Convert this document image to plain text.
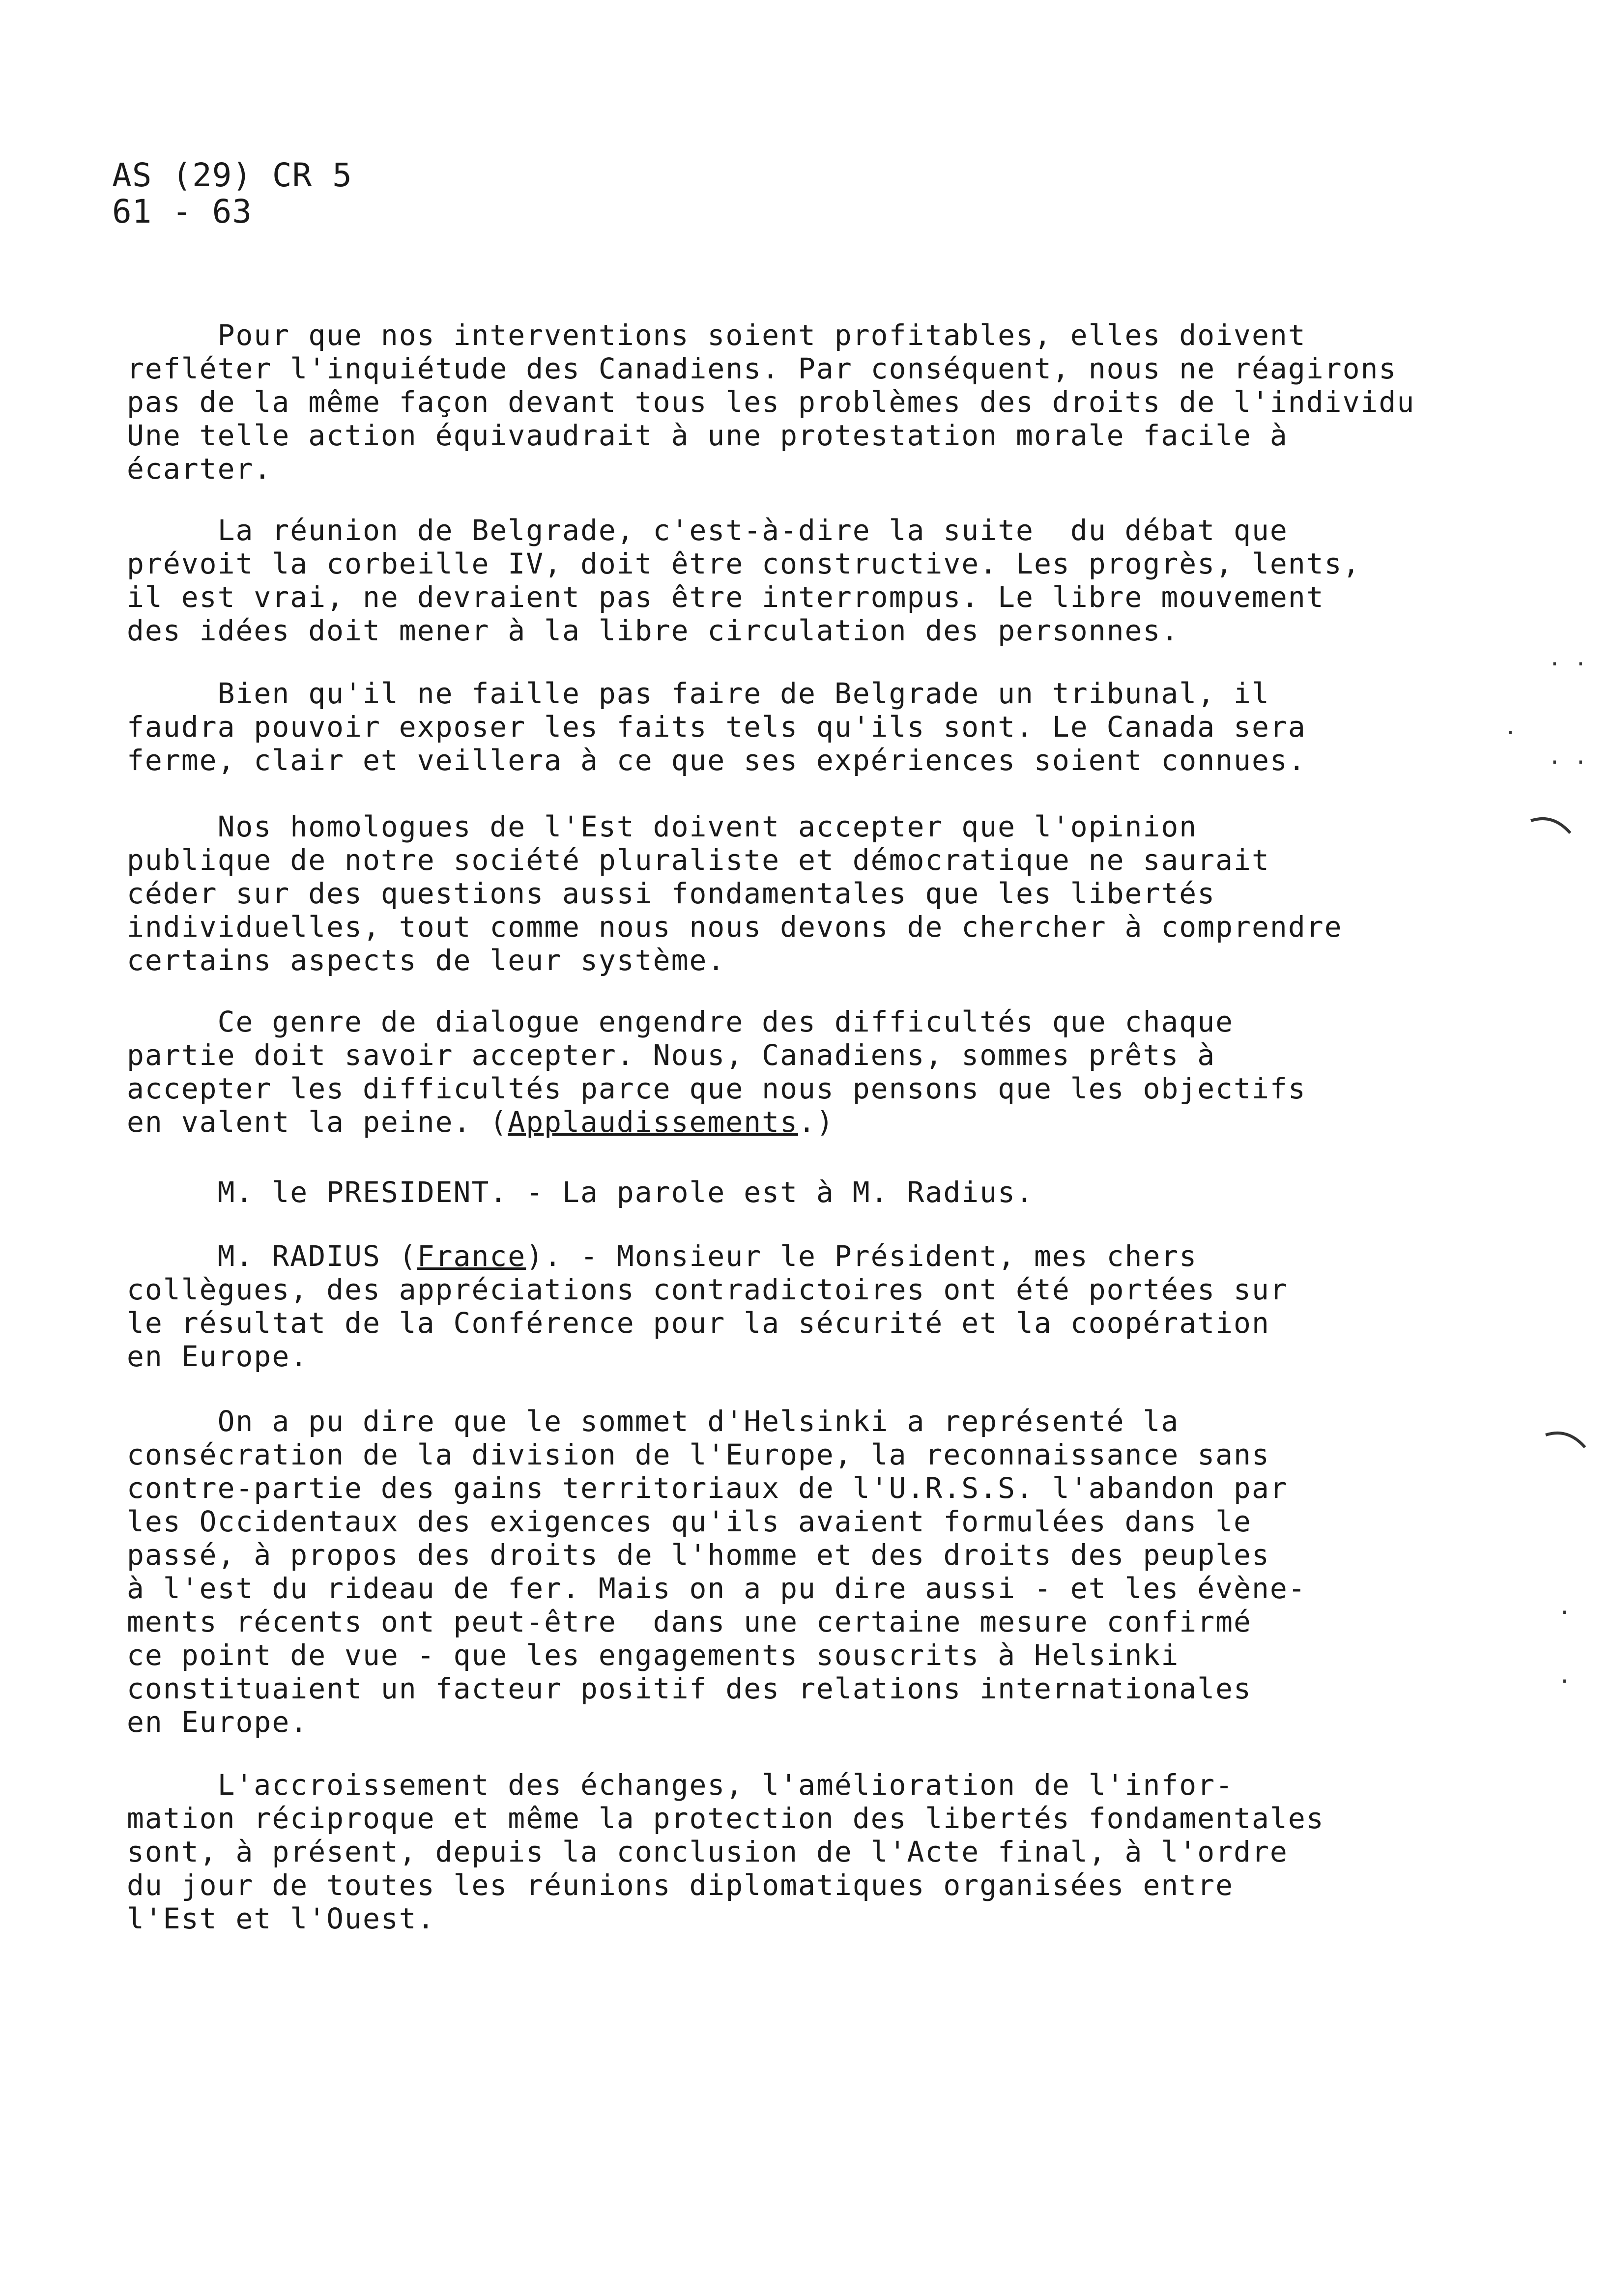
AS (29) CR 5
61 - 63
Pour que nos interventions soient profitables, elles doivent
refléter l'inquiétude des Canadiens. Par conséquent, nous ne réagirons
pas de la même façon devant tous les problèmes des droits de l'individu
Une telle action équivaudrait à une protestation morale facile à
écarter.
La réunion de Belgrade, c'est-à-dire la suite  du débat que
prévoit la corbeille IV, doit être constructive. Les progrès, lents,
il est vrai, ne devraient pas être interrompus. Le libre mouvement
des idées doit mener à la libre circulation des personnes.
Bien qu'il ne faille pas faire de Belgrade un tribunal, il
faudra pouvoir exposer les faits tels qu'ils sont. Le Canada sera
ferme, clair et veillera à ce que ses expériences soient connues.
Nos homologues de l'Est doivent accepter que l'opinion
publique de notre société pluraliste et démocratique ne saurait
céder sur des questions aussi fondamentales que les libertés
individuelles, tout comme nous nous devons de chercher à comprendre
certains aspects de leur système.
Ce genre de dialogue engendre des difficultés que chaque
partie doit savoir accepter. Nous, Canadiens, sommes prêts à
accepter les difficultés parce que nous pensons que les objectifs
en valent la peine. (Applaudissements.)
M. le PRESIDENT. - La parole est à M. Radius.
M. RADIUS (France). - Monsieur le Président, mes chers
collègues, des appréciations contradictoires ont été portées sur
le résultat de la Conférence pour la sécurité et la coopération
en Europe.
On a pu dire que le sommet d'Helsinki a représenté la
consécration de la division de l'Europe, la reconnaissance sans
contre-partie des gains territoriaux de l'U.R.S.S. l'abandon par
les Occidentaux des exigences qu'ils avaient formulées dans le
passé, à propos des droits de l'homme et des droits des peuples
à l'est du rideau de fer. Mais on a pu dire aussi - et les évène-
ments récents ont peut-être  dans une certaine mesure confirmé
ce point de vue - que les engagements souscrits à Helsinki
constituaient un facteur positif des relations internationales
en Europe.
L'accroissement des échanges, l'amélioration de l'infor-
mation réciproque et même la protection des libertés fondamentales
sont, à présent, depuis la conclusion de l'Acte final, à l'ordre
du jour de toutes les réunions diplomatiques organisées entre
l'Est et l'Ouest.
· ·
·
· ·
·
·
